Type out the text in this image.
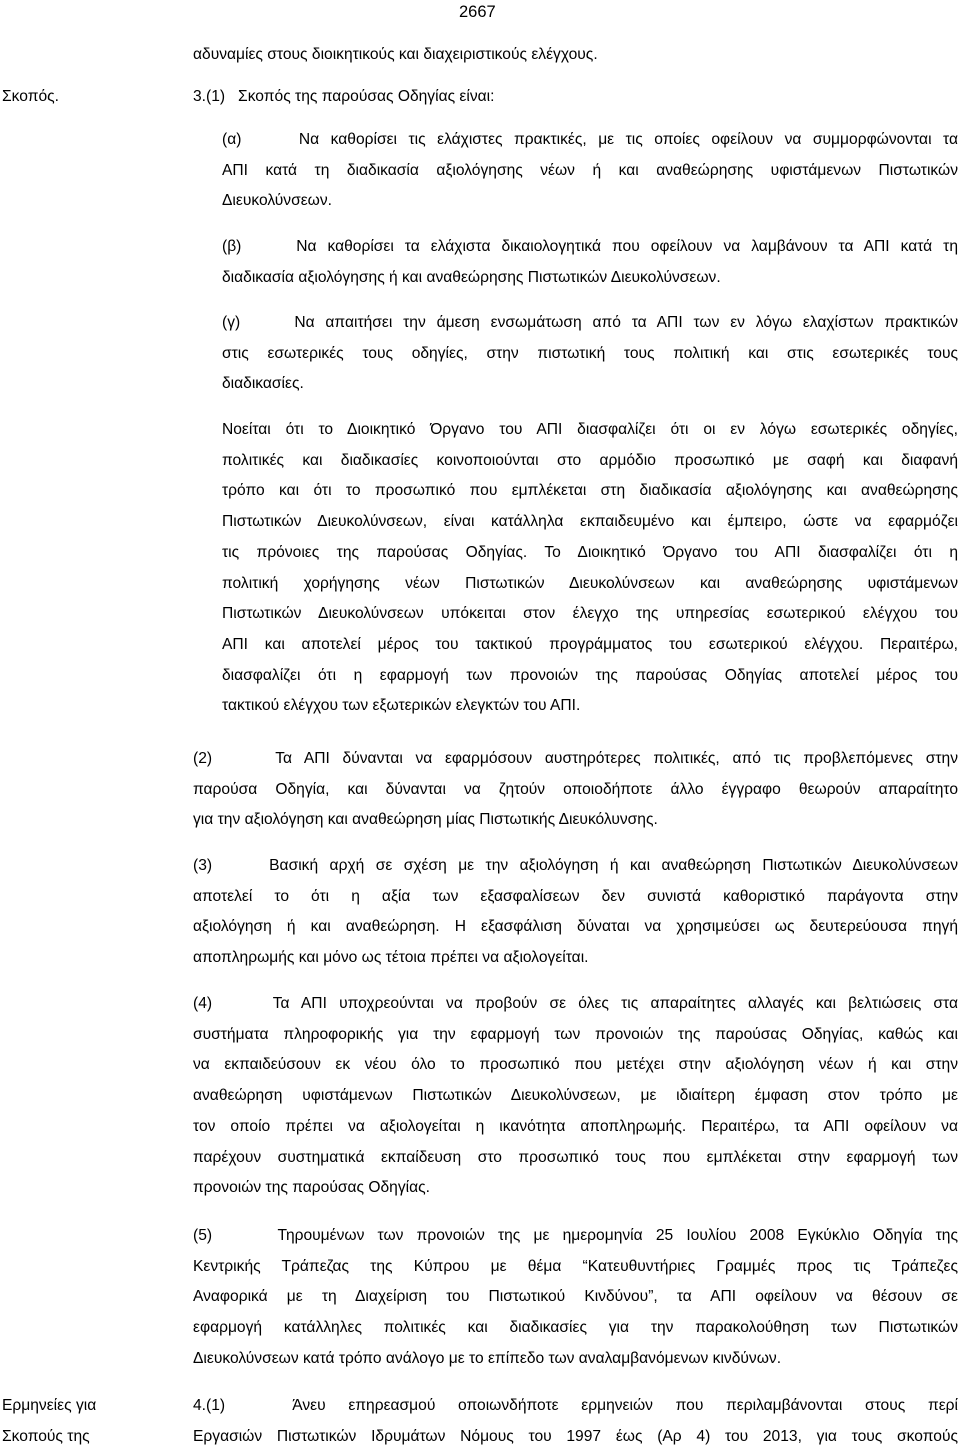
2667
Σκοπός.
Ερμηνείες για
Σκοπούς της
αδυναμίες στους διοικητικούς και διαχειριστικούς ελέγχους.
3.(1)   Σκοπός της παρούσας Οδηγίας είναι:
(α)     Να καθορίσει τις ελάχιστες πρακτικές, με τις οποίες οφείλουν να συμμορφώνονται τα
ΑΠΙ κατά τη διαδικασία αξιολόγησης νέων ή και αναθεώρησης υφιστάμενων Πιστωτικών
Διευκολύνσεων.
(β)     Να καθορίσει τα ελάχιστα δικαιολογητικά που οφείλουν να λαμβάνουν τα ΑΠΙ κατά τη
διαδικασία αξιολόγησης ή και αναθεώρησης Πιστωτικών Διευκολύνσεων.
(γ)     Να απαιτήσει την άμεση ενσωμάτωση από τα ΑΠΙ των εν λόγω ελαχίστων πρακτικών
στις εσωτερικές τους οδηγίες, στην πιστωτική τους πολιτική και στις εσωτερικές τους
διαδικασίες.
Νοείται ότι το Διοικητικό Όργανο του ΑΠΙ διασφαλίζει ότι οι εν λόγω εσωτερικές οδηγίες,
πολιτικές και διαδικασίες κοινοποιούνται στο αρμόδιο προσωπικό με σαφή και διαφανή
τρόπο και ότι το προσωπικό που εμπλέκεται στη διαδικασία αξιολόγησης και αναθεώρησης
Πιστωτικών Διευκολύνσεων, είναι κατάλληλα εκπαιδευμένο και έμπειρο, ώστε να εφαρμόζει
τις πρόνοιες της παρούσας Οδηγίας. Το Διοικητικό Όργανο του ΑΠΙ διασφαλίζει ότι η
πολιτική χορήγησης νέων Πιστωτικών Διευκολύνσεων και αναθεώρησης υφιστάμενων
Πιστωτικών Διευκολύνσεων υπόκειται στον έλεγχο της υπηρεσίας εσωτερικού ελέγχου του
ΑΠΙ και αποτελεί μέρος του τακτικού προγράμματος του εσωτερικού ελέγχου. Περαιτέρω,
διασφαλίζει ότι η εφαρμογή των προνοιών της παρούσας Οδηγίας αποτελεί μέρος του
τακτικού ελέγχου των εξωτερικών ελεγκτών του ΑΠΙ.
(2)     Τα ΑΠΙ δύνανται να εφαρμόσουν αυστηρότερες πολιτικές, από τις προβλεπόμενες στην
παρούσα Οδηγία, και δύνανται να ζητούν οποιοδήποτε άλλο έγγραφο θεωρούν απαραίτητο
για την αξιολόγηση και αναθεώρηση μίας Πιστωτικής Διευκόλυνσης.
(3)     Βασική αρχή σε σχέση με την αξιολόγηση ή και αναθεώρηση Πιστωτικών Διευκολύνσεων
αποτελεί το ότι η αξία των εξασφαλίσεων δεν συνιστά καθοριστικό παράγοντα στην
αξιολόγηση ή και αναθεώρηση. Η εξασφάλιση δύναται να χρησιμεύσει ως δευτερεύουσα πηγή
αποπληρωμής και μόνο ως τέτοια πρέπει να αξιολογείται.
(4)     Τα ΑΠΙ υποχρεούνται να προβούν σε όλες τις απαραίτητες αλλαγές και βελτιώσεις στα
συστήματα πληροφορικής για την εφαρμογή των προνοιών της παρούσας Οδηγίας, καθώς και
να εκπαιδεύσουν εκ νέου όλο το προσωπικό που μετέχει στην αξιολόγηση νέων ή και στην
αναθεώρηση υφιστάμενων Πιστωτικών Διευκολύνσεων, με ιδιαίτερη έμφαση στον τρόπο με
τον οποίο πρέπει να αξιολογείται η ικανότητα αποπληρωμής. Περαιτέρω, τα ΑΠΙ οφείλουν να
παρέχουν συστηματικά εκπαίδευση στο προσωπικό τους που εμπλέκεται στην εφαρμογή των
προνοιών της παρούσας Οδηγίας.
(5)     Τηρουμένων των προνοιών της με ημερομηνία 25 Ιουλίου 2008 Εγκύκλιο Οδηγία της
Κεντρικής Τράπεζας της Κύπρου με θέμα “Κατευθυντήριες Γραμμές προς τις Τράπεζες
Αναφορικά με τη Διαχείριση του Πιστωτικού Κινδύνου”, τα ΑΠΙ οφείλουν να θέσουν σε
εφαρμογή κατάλληλες πολιτικές και διαδικασίες για την παρακολούθηση των Πιστωτικών
Διευκολύνσεων κατά τρόπο ανάλογο με το επίπεδο των αναλαμβανόμενων κινδύνων.
4.(1)   Άνευ επηρεασμού οποιωνδήποτε ερμηνειών που περιλαμβάνονται στους περί
Εργασιών Πιστωτικών Ιδρυμάτων Νόμους του 1997 έως (Αρ 4) του 2013, για τους σκοπούς
